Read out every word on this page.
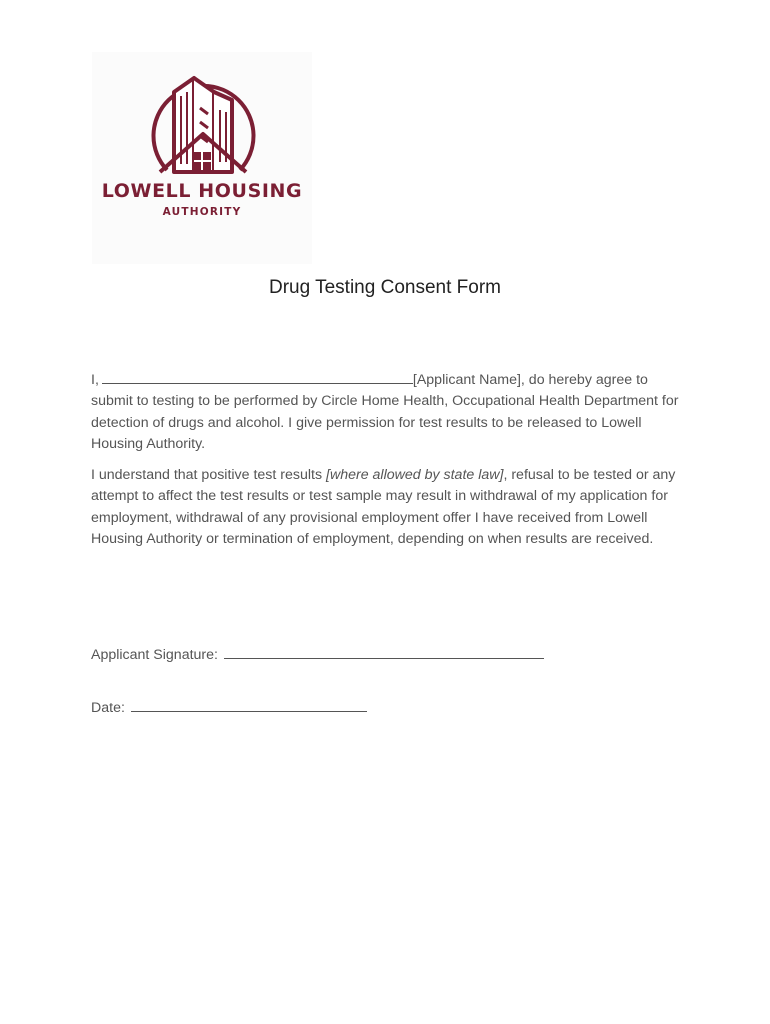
LOWELL HOUSING
AUTHORITY
Drug Testing Consent Form

I,	[Applicant Name], do hereby agree to submit to testing to be performed by Circle Home Health, Occupational Health Department for detection of drugs and alcohol. I give permission for test results to be released to Lowell Housing Authority.

I understand that positive test results [where allowed by state law], refusal to be tested or any attempt to affect the test results or test sample may result in withdrawal of my application for employment, withdrawal of any provisional employment offer I have received from Lowell Housing Authority or termination of employment, depending on when results are received.

Applicant Signature:
Date:
